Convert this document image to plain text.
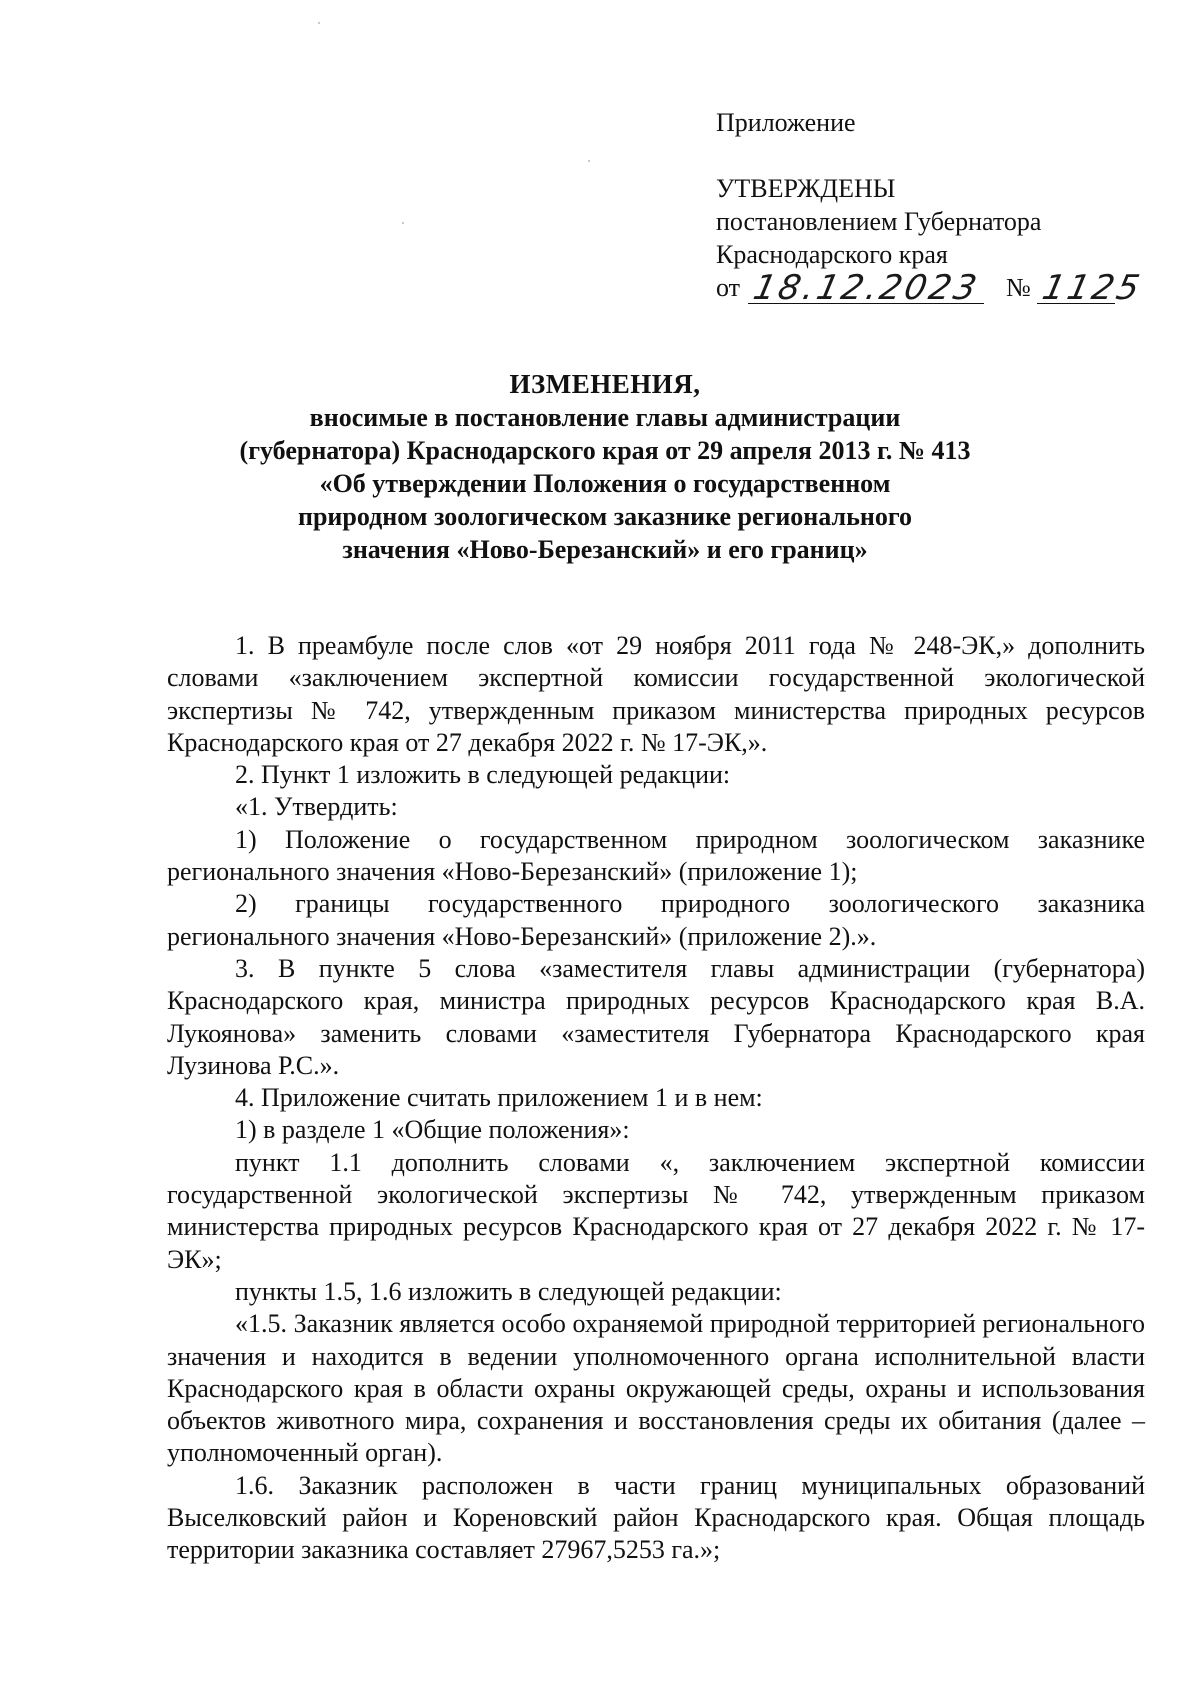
Приложение
УТВЕРЖДЕНЫ
постановлением Губернатора
Краснодарского края
от 18.12.2023 № 1125
ИЗМЕНЕНИЯ,
вносимые в постановление главы администрации
(губернатора) Краснодарского края от 29 апреля 2013 г. № 413
«Об утверждении Положения о государственном
природном зоологическом заказнике регионального
значения «Ново-Березанский» и его границ»

1. В преамбуле после слов «от 29 ноября 2011 года № 248-ЭК,» дополнить словами «заключением экспертной комиссии государственной экологической экспертизы № 742, утвержденным приказом министерства природных ресурсов Краснодарского края от 27 декабря 2022 г. № 17-ЭК,».

2. Пункт 1 изложить в следующей редакции:

«1. Утвердить:

1) Положение о государственном природном зоологическом заказнике регионального значения «Ново-Березанский» (приложение 1);

2) границы государственного природного зоологического заказника регионального значения «Ново-Березанский» (приложение 2).».

3. В пункте 5 слова «заместителя главы администрации (губернатора) Краснодарского края, министра природных ресурсов Краснодарского края В.А. Лукоянова» заменить словами «заместителя Губернатора Краснодарского края Лузинова Р.С.».

4. Приложение считать приложением 1 и в нем:

1) в разделе 1 «Общие положения»:

пункт 1.1 дополнить словами «, заключением экспертной комиссии государственной экологической экспертизы № 742, утвержденным приказом министерства природных ресурсов Краснодарского края от 27 декабря 2022 г. № 17-ЭК»;

пункты 1.5, 1.6 изложить в следующей редакции:

«1.5. Заказник является особо охраняемой природной территорией регионального значения и находится в ведении уполномоченного органа исполнительной власти Краснодарского края в области охраны окружающей среды, охраны и использования объектов животного мира, сохранения и восстановления среды их обитания (далее – уполномоченный орган).

1.6. Заказник расположен в части границ муниципальных образований Выселковский район и Кореновский район Краснодарского края. Общая площадь территории заказника составляет 27967,5253 га.»;
